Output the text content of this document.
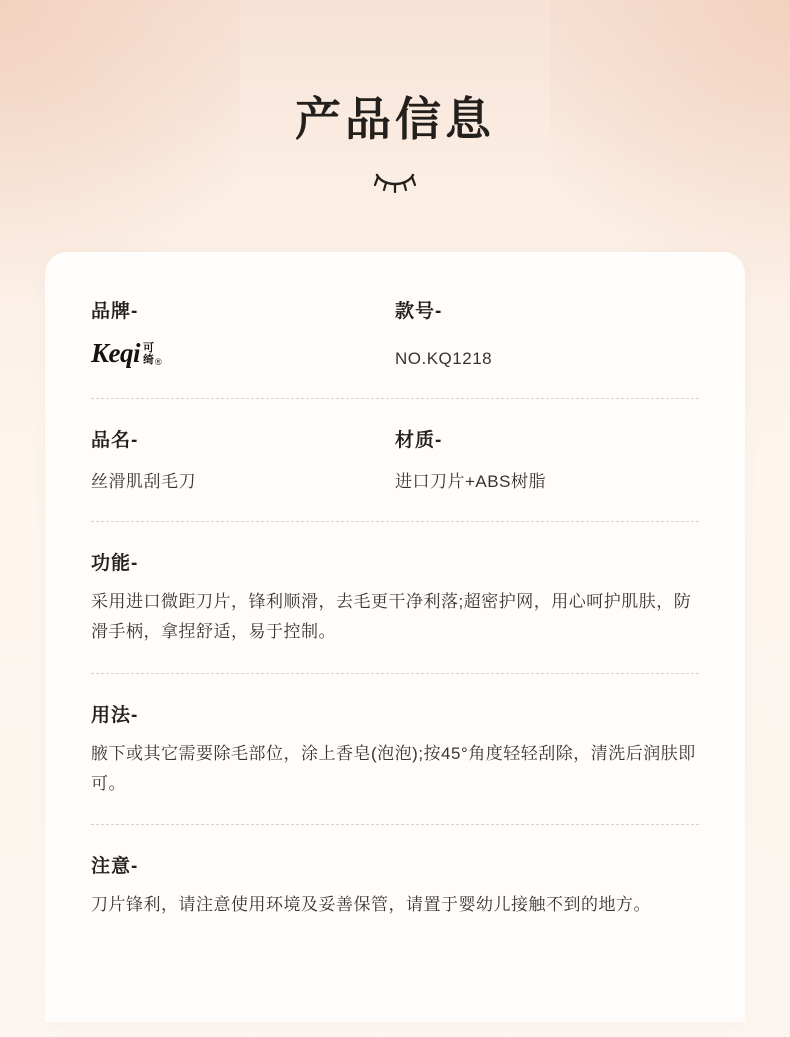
产品信息
品牌-
Keqi 可
绮 ®
款号-
NO.KQ1218
品名-
丝滑肌刮毛刀
材质-
进口刀片+ABS树脂
功能-
采用进口微距刀片，锋利顺滑，去毛更干净利落;超密护网，用心呵护肌肤，防滑手柄，拿捏舒适，易于控制。
用法-
腋下或其它需要除毛部位，涂上香皂(泡泡);按45°角度轻轻刮除，清洗后润肤即可。
注意-
刀片锋利，请注意使用环境及妥善保管，请置于婴幼儿接触不到的地方。
